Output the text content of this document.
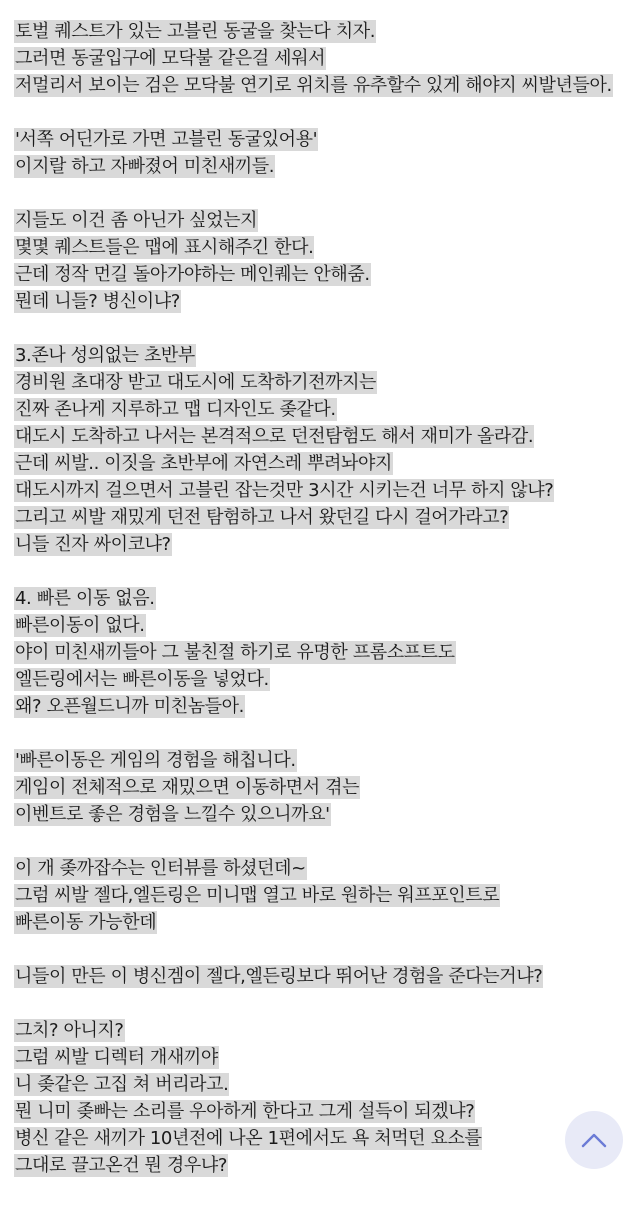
토벌 퀘스트가 있는 고블린 동굴을 찾는다 치자.
그러면 동굴입구에 모닥불 같은걸 세워서
저멀리서 보이는 검은 모닥불 연기로 위치를 유추할수 있게 해야지 씨발년들아.
'서쪽 어딘가로 가면 고블린 동굴있어용'
이지랄 하고 자빠졌어 미친새끼들.
지들도 이건 좀 아닌가 싶었는지
몇몇 퀘스트들은 맵에 표시해주긴 한다.
근데 정작 먼길 돌아가야하는 메인퀘는 안해줌.
뭔데 니들? 병신이냐?
3.존나 성의없는 초반부
경비원 초대장 받고 대도시에 도착하기전까지는
진짜 존나게 지루하고 맵 디자인도 좆같다.
대도시 도착하고 나서는 본격적으로 던전탐험도 해서 재미가 올라감.
근데 씨발.. 이짓을 초반부에 자연스레 뿌려놔야지
대도시까지 걸으면서 고블린 잡는것만 3시간 시키는건 너무 하지 않냐?
그리고 씨발 재밌게 던전 탐험하고 나서 왔던길 다시 걸어가라고?
니들 진자 싸이코냐?
4. 빠른 이동 없음.
빠른이동이 없다.
야이 미친새끼들아 그 불친절 하기로 유명한 프롬소프트도
엘든링에서는 빠른이동을 넣었다.
왜? 오픈월드니까 미친놈들아.
'빠른이동은 게임의 경험을 해칩니다.
게임이 전체적으로 재밌으면 이동하면서 겪는
이벤트로 좋은 경험을 느낄수 있으니까요'
이 개 좆까잡수는 인터뷰를 하셨던데~
그럼 씨발 젤다,엘든링은 미니맵 열고 바로 원하는 워프포인트로
빠른이동 가능한데
니들이 만든 이 병신겜이 젤다,엘든링보다 뛰어난 경험을 준다는거냐?
그치? 아니지?
그럼 씨발 디렉터 개새끼야
니 좆같은 고집 쳐 버리라고.
뭔 니미 좆빠는 소리를 우아하게 한다고 그게 설득이 되겠냐?
병신 같은 새끼가 10년전에 나온 1편에서도 욕 처먹던 요소를
그대로 끌고온건 뭔 경우냐?
